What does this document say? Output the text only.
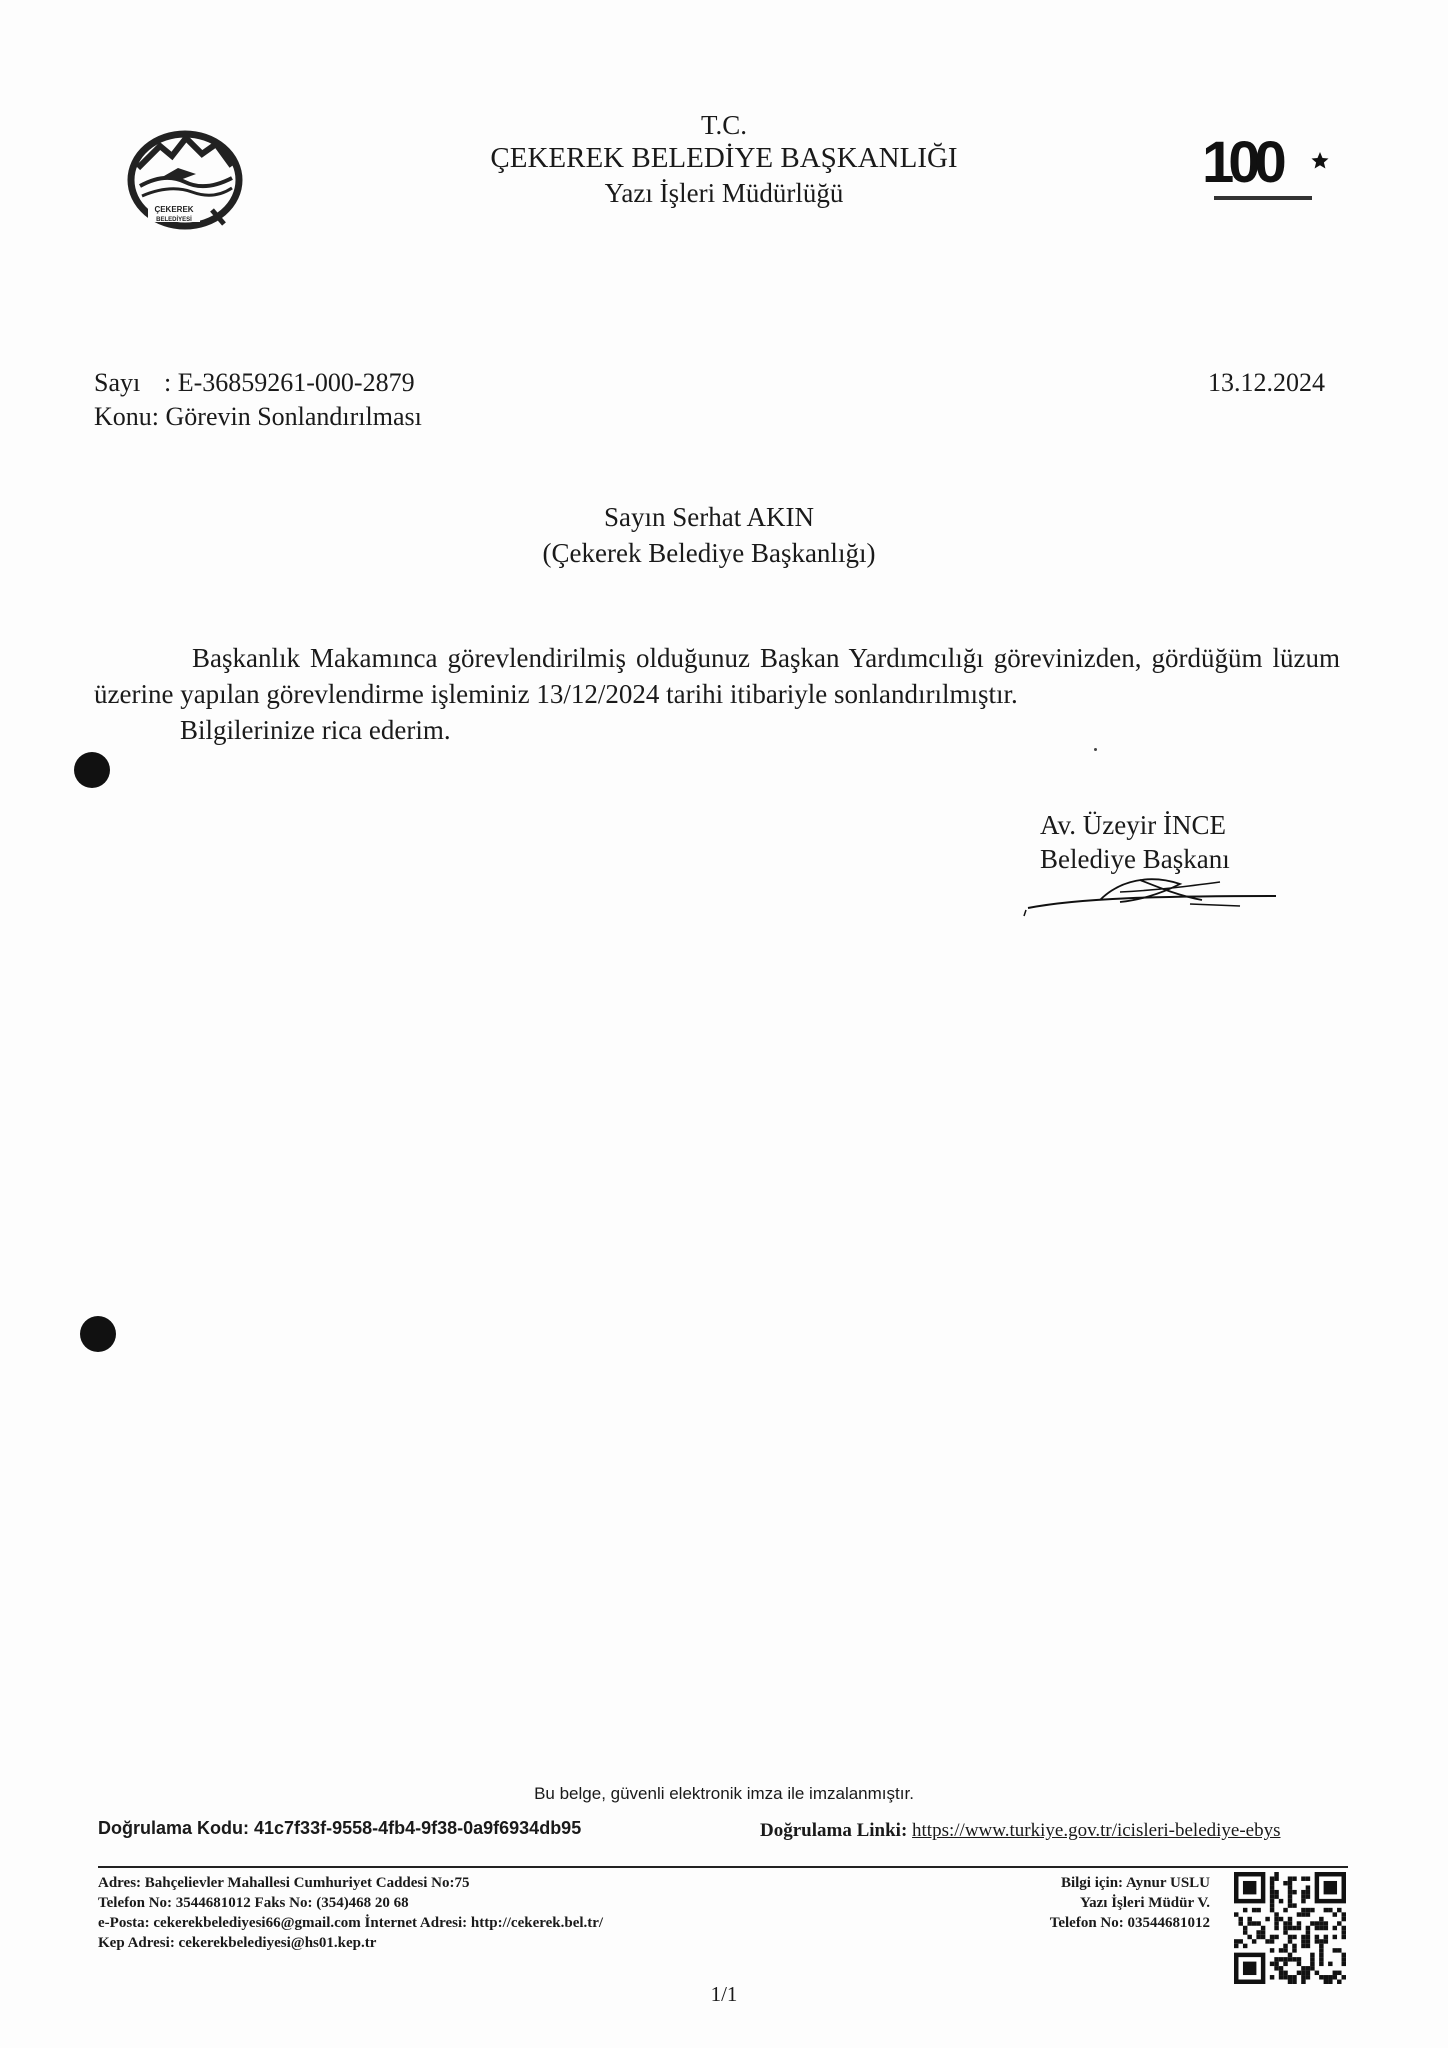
ÇEKEREK
BELEDİYESİ
T.C.
ÇEKEREK BELEDİYE BAŞKANLIĞI
Yazı İşleri Müdürlüğü	100
Sayı : E-36859261-000-2879
Konu: Görevin Sonlandırılması
13.12.2024
Sayın Serhat AKIN
(Çekerek Belediye Başkanlığı)

Başkanlık Makamınca görevlendirilmiş olduğunuz Başkan Yardımcılığı görevinizden, gördüğüm lüzum üzerine yapılan görevlendirme işleminiz 13/12/2024 tarihi itibariyle sonlandırılmıştır.

Bilgilerinize rica ederim.

Av. Üzeyir İNCE
Belediye Başkanı
Bu belge, güvenli elektronik imza ile imzalanmıştır.
Doğrulama Kodu: 41c7f33f-9558-4fb4-9f38-0a9f6934db95	Doğrulama Linki: https://www.turkiye.gov.tr/icisleri-belediye-ebys
Adres: Bahçelievler Mahallesi Cumhuriyet Caddesi No:75
Telefon No: 3544681012 Faks No: (354)468 20 68
e-Posta: cekerekbelediyesi66@gmail.com İnternet Adresi: http://cekerek.bel.tr/
Kep Adresi: cekerekbelediyesi@hs01.kep.tr
Bilgi için: Aynur USLU
Yazı İşleri Müdür V.
Telefon No: 03544681012
1/1
